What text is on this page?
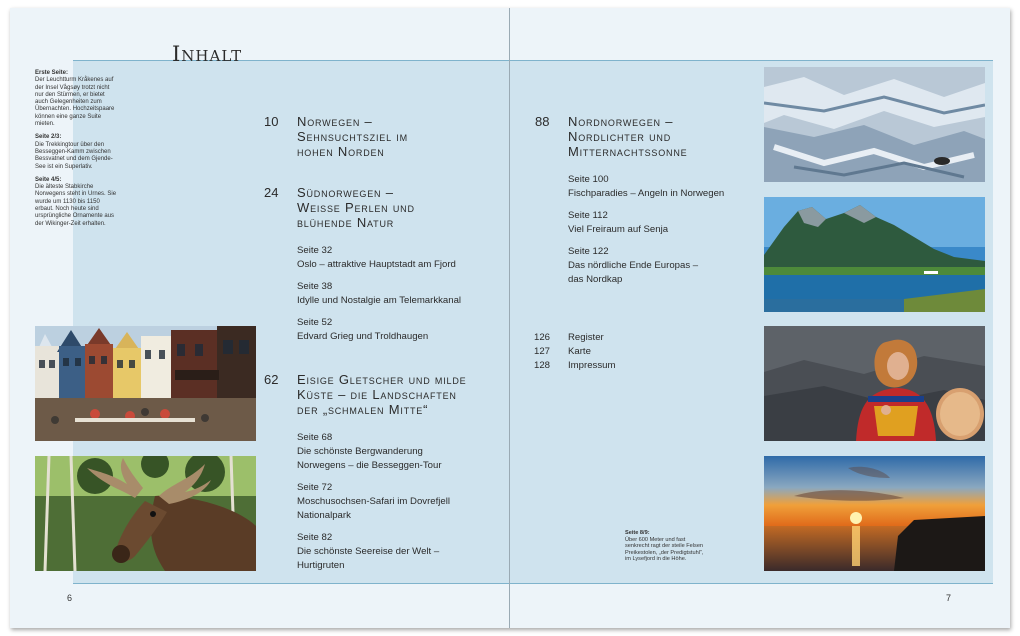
Inhalt
Erste Seite:
Der Leuchtturm Kråkenes auf der Insel Vågsøy trotzt nicht nur den Stürmen, er bietet auch Gelegenheiten zum Übernachten. Hochzeitspaare können eine ganze Suite mieten.
Seite 2/3:
Die Trekkingtour über den Besseggen-Kamm zwischen Bessvatnet und dem Gjende-See ist ein Superlativ.
Seite 4/5:
Die älteste Stabkirche Norwegens steht in Urnes. Sie wurde um 1130 bis 1150 erbaut. Noch heute sind ursprüngliche Ornamente aus der Wikinger-Zeit erhalten.
10	Norwegen –
Sehnsuchtsziel im
hohen Norden
24	Südnorwegen –
Weisse Perlen und
blühende Natur
Seite 32
Oslo – attraktive Hauptstadt am Fjord
Seite 38
Idylle und Nostalgie am Telemarkkanal
Seite 52
Edvard Grieg und Troldhaugen
62	Eisige Gletscher und milde
Küste – die Landschaften
der „schmalen Mitte“
Seite 68
Die schönste Bergwanderung
Norwegens – die Besseggen-Tour
Seite 72
Moschusochsen-Safari im Dovrefjell
Nationalpark
Seite 82
Die schönste Seereise der Welt –
Hurtigruten
88	Nordnorwegen –
Nordlichter und
Mitternachtssonne
Seite 100
Fischparadies – Angeln in Norwegen
Seite 112
Viel Freiraum auf Senja
Seite 122
Das nördliche Ende Europas –
das Nordkap
126 Register
127 Karte
128 Impressum
Seite 8/9:
Über 600 Meter und fast senkrecht ragt der steile Felsen Preikestolen, „der Predigtstuhl“, im Lysefjord in die Höhe.
6	7
